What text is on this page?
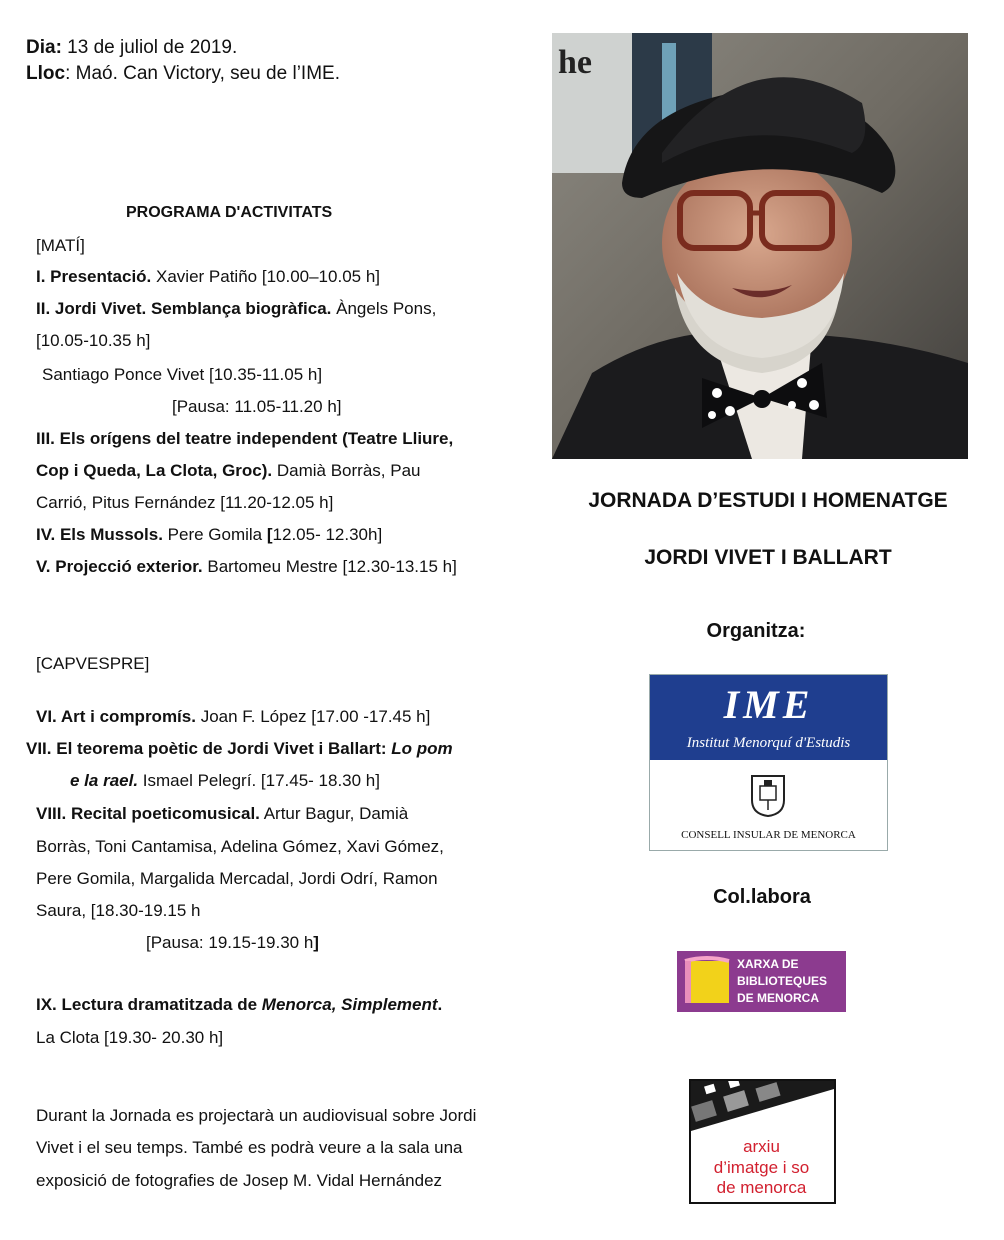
Dia: 13 de juliol de 2019.
Lloc: Maó. Can Victory, seu de l’IME.
PROGRAMA D'ACTIVITATS
[MATÍ]
I. Presentació. Xavier Patiño [10.00–10.05 h]
II. Jordi Vivet. Semblança biogràfica. Àngels Pons,
[10.05-10.35 h]
Santiago Ponce Vivet [10.35-11.05 h]
[Pausa: 11.05-11.20 h]
III. Els orígens del teatre independent (Teatre Lliure,
Cop i Queda, La Clota, Groc). Damià Borràs, Pau
Carrió, Pitus Fernández [11.20-12.05 h]
IV. Els Mussols. Pere Gomila [12.05- 12.30h]
V. Projecció exterior. Bartomeu Mestre [12.30-13.15 h]
[CAPVESPRE]
VI. Art i compromís. Joan F. López [17.00 -17.45 h]
VII. El teorema poètic de Jordi Vivet i Ballart: Lo pom
e la rael. Ismael Pelegrí. [17.45- 18.30 h]
VIII. Recital poeticomusical. Artur Bagur, Damià
Borràs, Toni Cantamisa, Adelina Gómez, Xavi Gómez,
Pere Gomila, Margalida Mercadal, Jordi Odrí, Ramon
Saura, [18.30-19.15 h
[Pausa: 19.15-19.30 h]
IX. Lectura dramatitzada de Menorca, Simplement.
La Clota [19.30- 20.30 h]
Durant la Jornada es projectarà un audiovisual sobre Jordi
Vivet i el seu temps. També es podrà veure a la sala una
exposició de fotografies de Josep M. Vidal Hernández
he
JORNADA D’ESTUDI I HOMENATGE
JORDI VIVET I BALLART
Organitza:
IME
Institut Menorquí d'Estudis
CONSELL INSULAR DE MENORCA
Col.labora
XARXA DE
BIBLIOTEQUES
DE MENORCA
arxiu
d’imatge i so
de menorca
